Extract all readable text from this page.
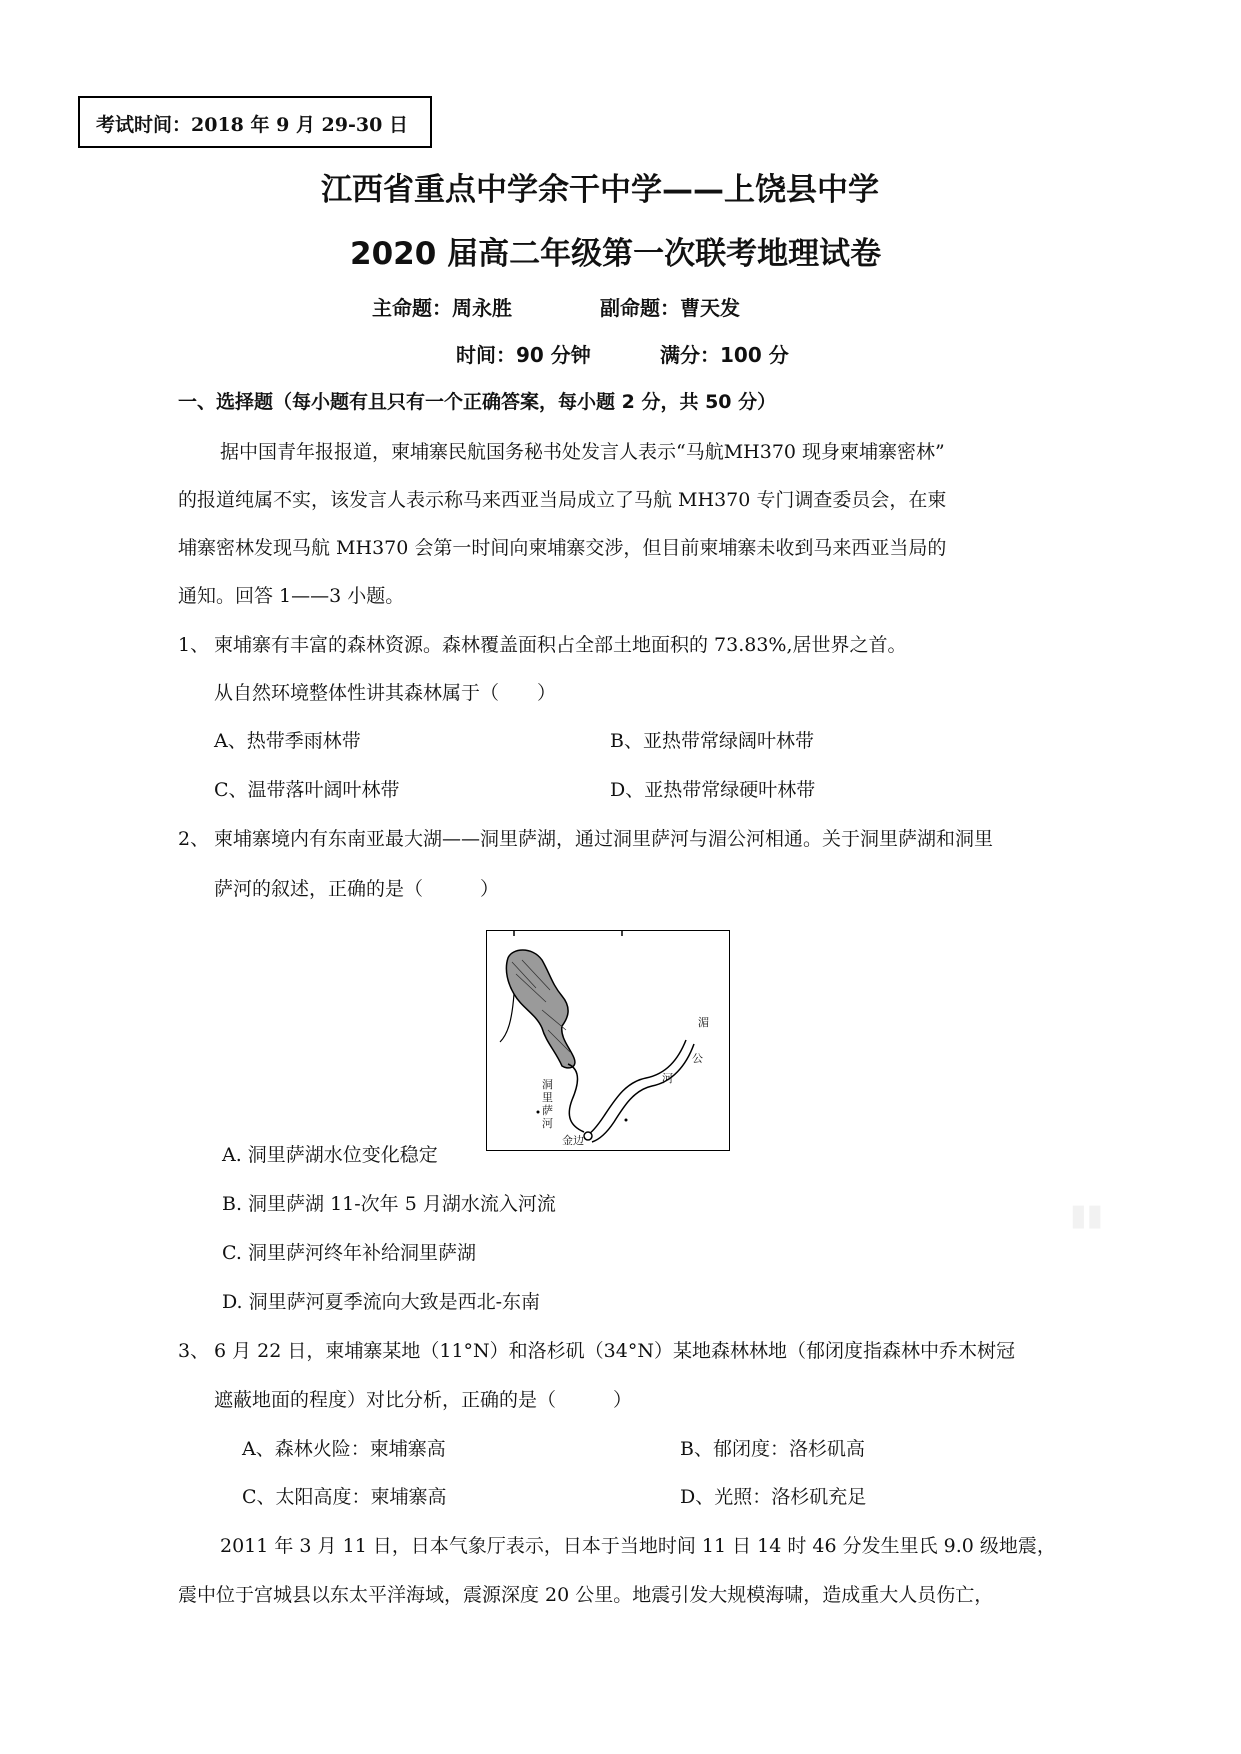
考试时间：2018 年 9 月 29-30 日
江西省重点中学余干中学——上饶县中学
2020 届高二年级第一次联考地理试卷
主命题：周永胜	副命题：曹天发
时间：90 分钟	满分：100 分
一、选择题（每小题有且只有一个正确答案，每小题 2 分，共 50 分）
据中国青年报报道，柬埔寨民航国务秘书处发言人表示“马航MH370 现身柬埔寨密林”
的报道纯属不实，该发言人表示称马来西亚当局成立了马航 MH370 专门调查委员会，在柬
埔寨密林发现马航 MH370 会第一时间向柬埔寨交涉，但目前柬埔寨未收到马来西亚当局的
通知。回答 1——3 小题。
1、 柬埔寨有丰富的森林资源。森林覆盖面积占全部土地面积的 73.83%,居世界之首。
从自然环境整体性讲其森林属于（　　）
A、热带季雨林带	B、亚热带常绿阔叶林带
C、温带落叶阔叶林带	D、亚热带常绿硬叶林带
2、 柬埔寨境内有东南亚最大湖——洞里萨湖，通过洞里萨河与湄公河相通。关于洞里萨湖和洞里
萨河的叙述，正确的是（　　　）
洞里萨河
湄
公
河
金边
A. 洞里萨湖水位变化稳定
B. 洞里萨湖 11-次年 5 月湖水流入河流
C. 洞里萨河终年补给洞里萨湖
D. 洞里萨河夏季流向大致是西北-东南
▮▮
3、 6 月 22 日，柬埔寨某地（11°N）和洛杉矶（34°N）某地森林林地（郁闭度指森林中乔木树冠
遮蔽地面的程度）对比分析，正确的是（　　　）
A、森林火险：柬埔寨高	B、郁闭度：洛杉矶高
C、太阳高度：柬埔寨高	D、光照：洛杉矶充足
2011 年 3 月 11 日，日本气象厅表示，日本于当地时间 11 日 14 时 46 分发生里氏 9.0 级地震，
震中位于宫城县以东太平洋海域，震源深度 20 公里。地震引发大规模海啸，造成重大人员伤亡，
